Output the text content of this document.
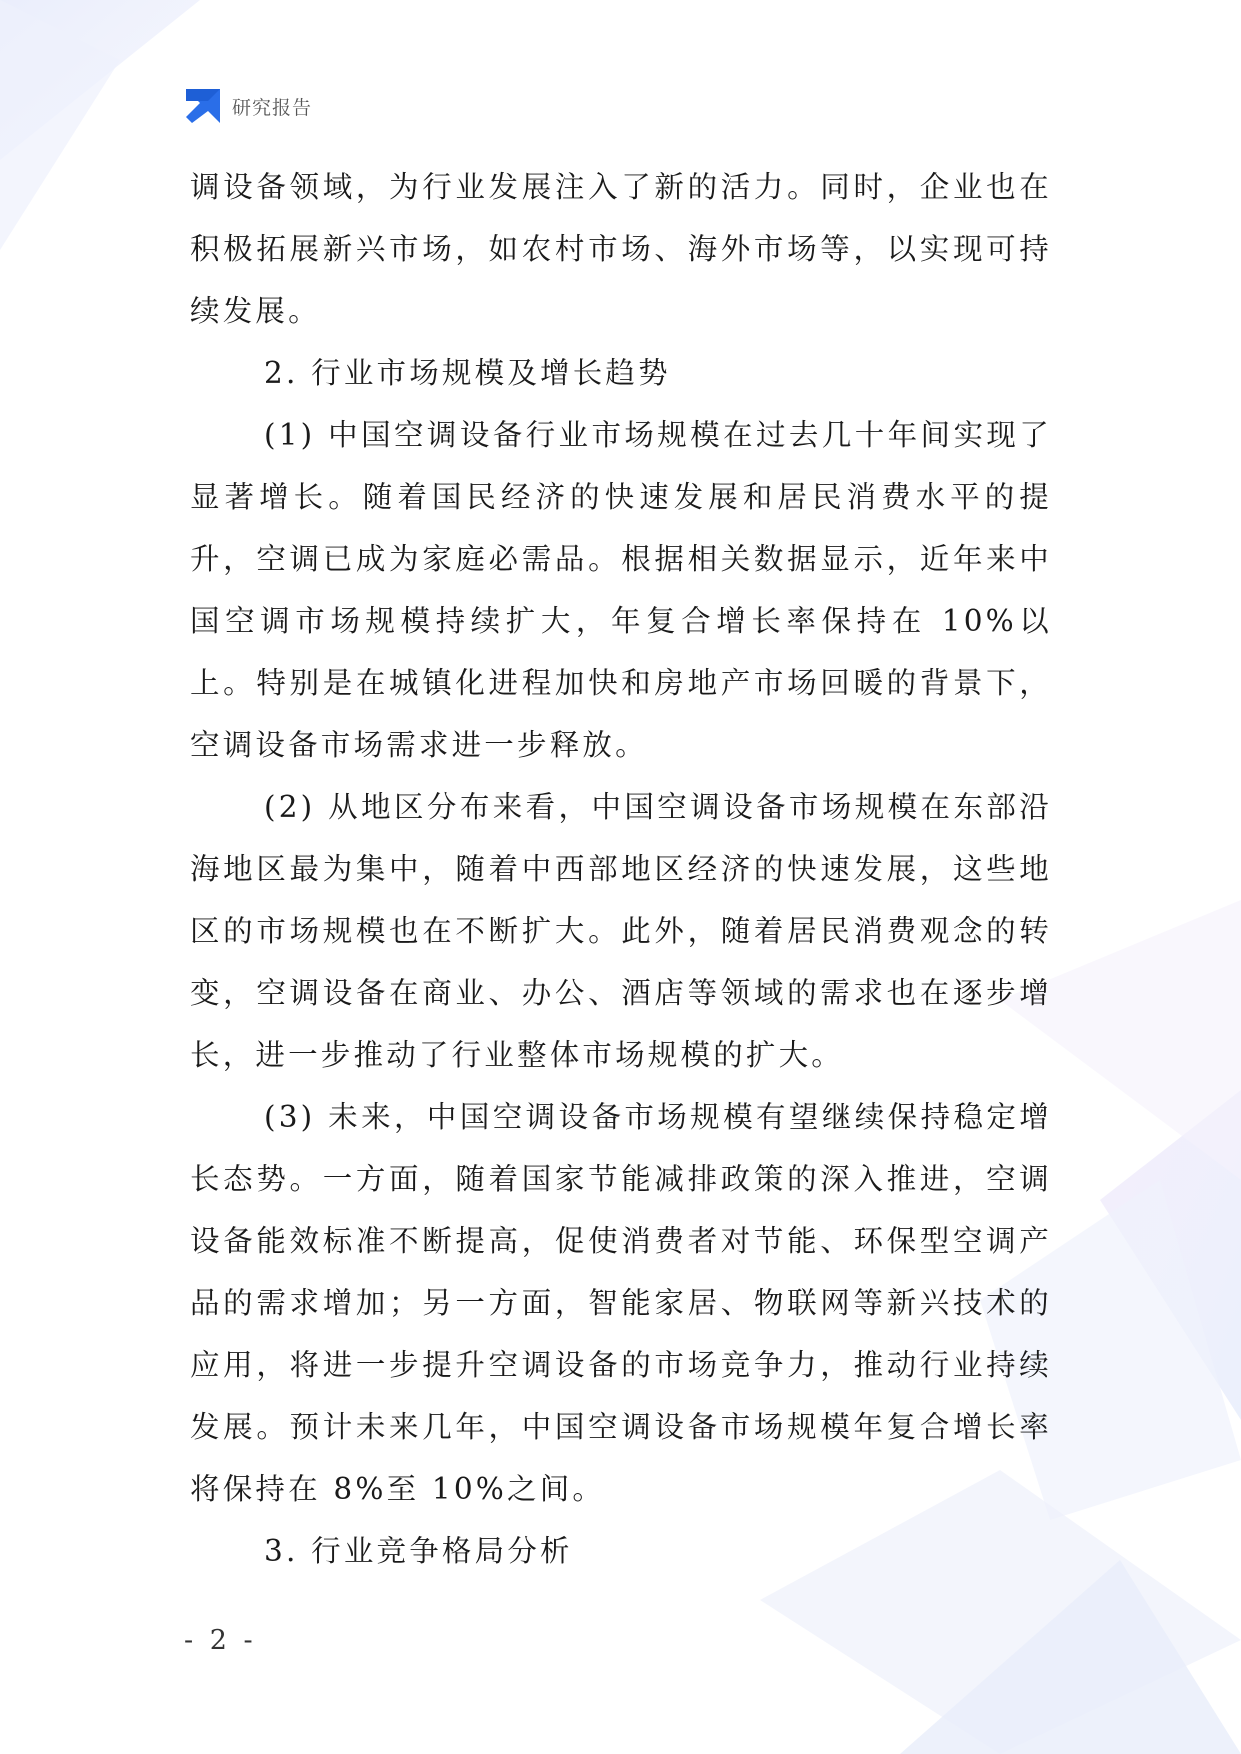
研究报告

调设备领域，为行业发展注入了新的活力。同时，企业也在积极拓展新兴市场，如农村市场、海外市场等，以实现可持续发展。

2. 行业市场规模及增长趋势

(1) 中国空调设备行业市场规模在过去几十年间实现了显著增长。随着国民经济的快速发展和居民消费水平的提升，空调已成为家庭必需品。根据相关数据显示，近年来中国空调市场规模持续扩大，年复合增长率保持在 10%以上。特别是在城镇化进程加快和房地产市场回暖的背景下，空调设备市场需求进一步释放。

(2) 从地区分布来看，中国空调设备市场规模在东部沿海地区最为集中，随着中西部地区经济的快速发展，这些地区的市场规模也在不断扩大。此外，随着居民消费观念的转变，空调设备在商业、办公、酒店等领域的需求也在逐步增长，进一步推动了行业整体市场规模的扩大。

(3) 未来，中国空调设备市场规模有望继续保持稳定增长态势。一方面，随着国家节能减排政策的深入推进，空调设备能效标准不断提高，促使消费者对节能、环保型空调产品的需求增加；另一方面，智能家居、物联网等新兴技术的应用，将进一步提升空调设备的市场竞争力，推动行业持续发展。预计未来几年，中国空调设备市场规模年复合增长率将保持在 8%至 10%之间。

3. 行业竞争格局分析

- 2 -
